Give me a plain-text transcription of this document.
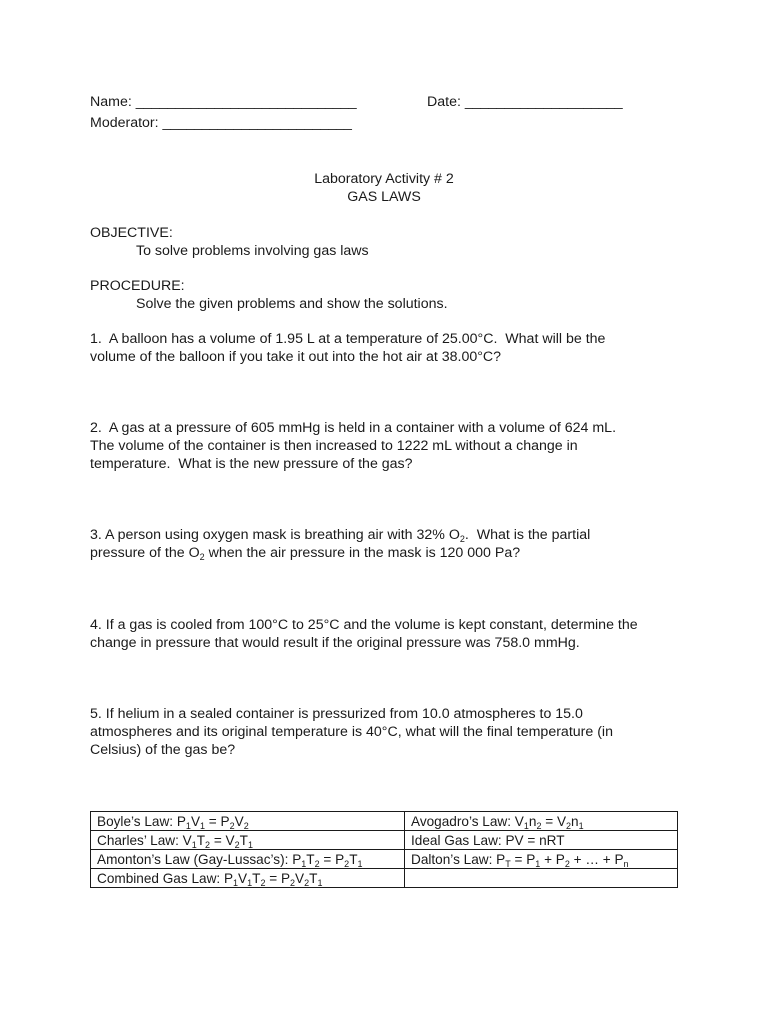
Name: ____________________________	Date: ____________________
Moderator: ________________________
Laboratory Activity # 2
GAS LAWS
OBJECTIVE:
To solve problems involving gas laws
PROCEDURE:
Solve the given problems and show the solutions.
1.  A balloon has a volume of 1.95 L at a temperature of 25.00°C.  What will be the
volume of the balloon if you take it out into the hot air at 38.00°C?
2.  A gas at a pressure of 605 mmHg is held in a container with a volume of 624 mL.
The volume of the container is then increased to 1222 mL without a change in
temperature.  What is the new pressure of the gas?
3. A person using oxygen mask is breathing air with 32% $O_2$.  What is the partial
pressure of the $O_2$ when the air pressure in the mask is 120 000 Pa?
4. If a gas is cooled from 100°C to 25°C and the volume is kept constant, determine the
change in pressure that would result if the original pressure was 758.0 mmHg.
5. If helium in a sealed container is pressurized from 10.0 atmospheres to 15.0
atmospheres and its original temperature is 40°C, what will the final temperature (in
Celsius) of the gas be?
Boyle’s Law: $P_1V_1 = P_2V_2$	Avogadro’s Law: $V_1n_2 = V_2n_1$
Charles’ Law: $V_1T_2 = V_2T_1$	Ideal Gas Law: PV = nRT
Amonton’s Law (Gay-Lussac’s): $P_1T_2 = P_2T_1$	Dalton’s Law: $P_T = P_1 + P_2$ + … + $P_n$
Combined Gas Law: $P_1V_1T_2 = P_2V_2T_1$	
